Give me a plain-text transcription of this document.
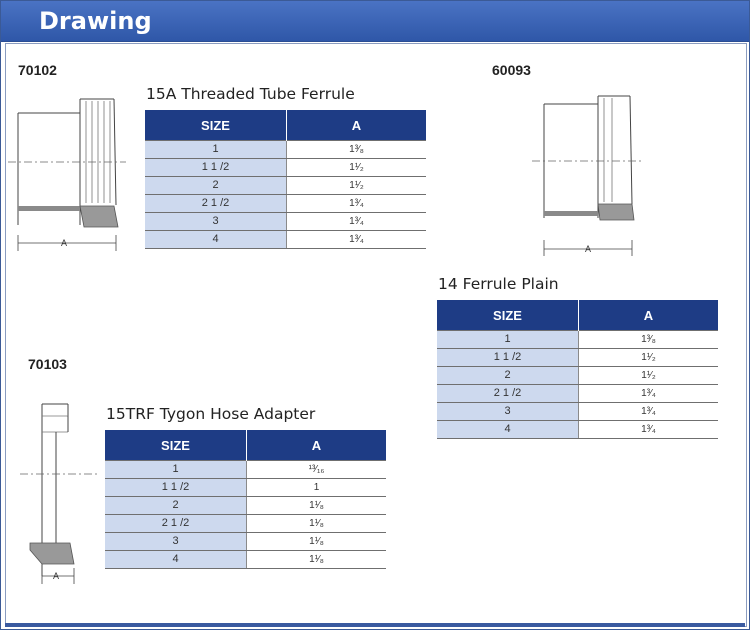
Drawing
70102
A
15A Threaded Tube Ferrule
SIZE	A
1	1³⁄₈
1 1 /2	1¹⁄₂
2	1¹⁄₂
2 1 /2	1³⁄₄
3	1³⁄₄
4	1³⁄₄
60093
A
14 Ferrule Plain
SIZE	A
1	1³⁄₈
1 1 /2	1¹⁄₂
2	1¹⁄₂
2 1 /2	1³⁄₄
3	1³⁄₄
4	1³⁄₄
70103
A
15TRF Tygon Hose Adapter
SIZE	A
1	¹³⁄₁₆
1 1 /2	1
2	1¹⁄₈
2 1 /2	1¹⁄₈
3	1¹⁄₈
4	1¹⁄₈
